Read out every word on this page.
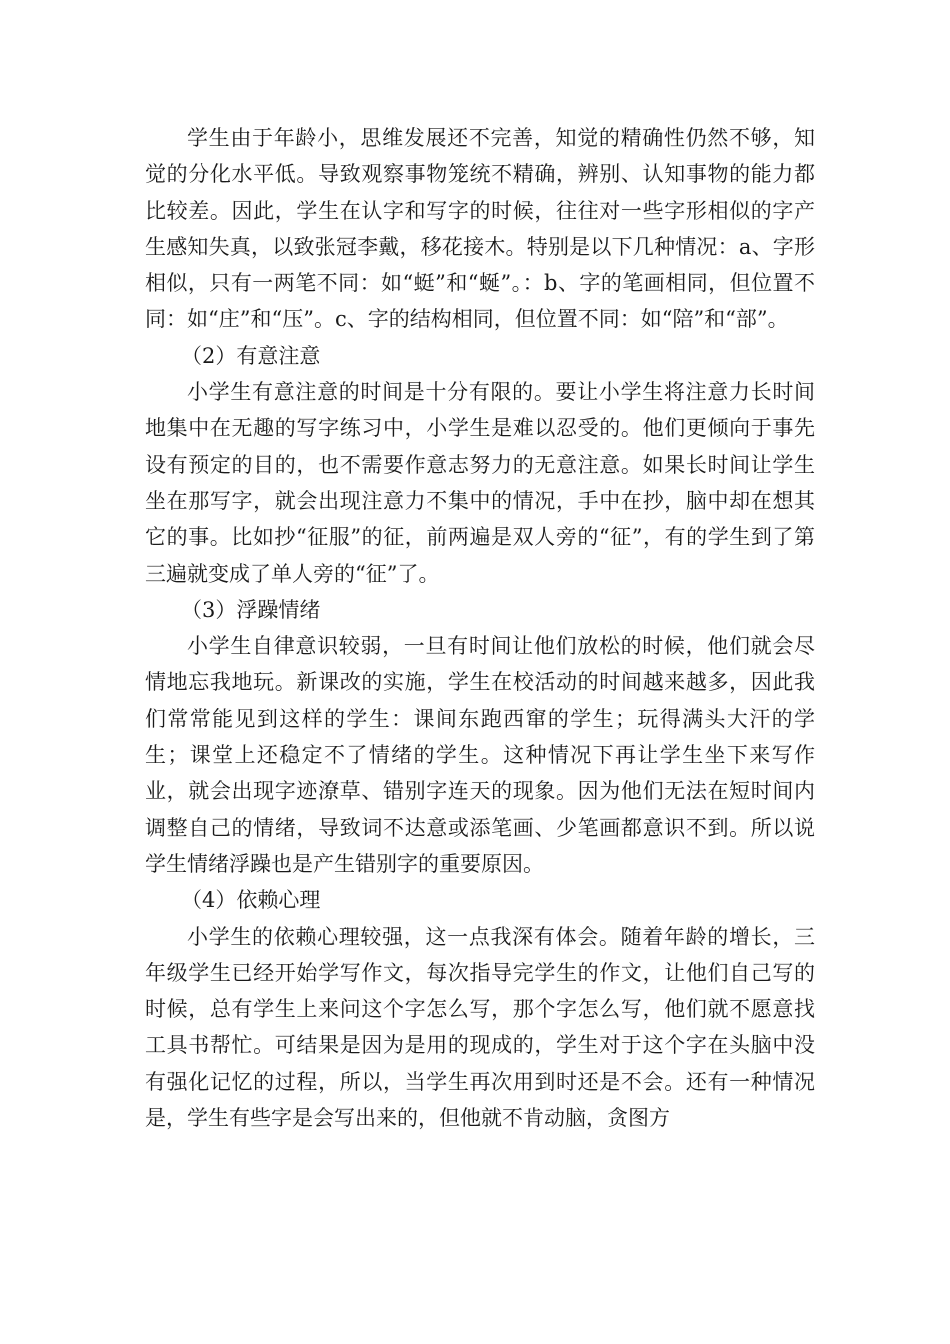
学生由于年龄小，思维发展还不完善，知觉的精确性仍然不够，知觉的分化水平低。导致观察事物笼统不精确，辨别、认知事物的能力都比较差。因此，学生在认字和写字的时候，往往对一些字形相似的字产生感知失真，以致张冠李戴，移花接木。特别是以下几种情况：a、字形相似，只有一两笔不同：如“蜓”和“蜒”。：b、字的笔画相同，但位置不同：如“庄”和“压”。c、字的结构相同，但位置不同：如“陪”和“部”。

（2）有意注意

小学生有意注意的时间是十分有限的。要让小学生将注意力长时间地集中在无趣的写字练习中，小学生是难以忍受的。他们更倾向于事先设有预定的目的，也不需要作意志努力的无意注意。如果长时间让学生坐在那写字，就会出现注意力不集中的情况，手中在抄，脑中却在想其它的事。比如抄“征服”的征，前两遍是双人旁的“征”，有的学生到了第三遍就变成了单人旁的“征”了。

（3）浮躁情绪

小学生自律意识较弱，一旦有时间让他们放松的时候，他们就会尽情地忘我地玩。新课改的实施，学生在校活动的时间越来越多，因此我们常常能见到这样的学生：课间东跑西窜的学生；玩得满头大汗的学生；课堂上还稳定不了情绪的学生。这种情况下再让学生坐下来写作业，就会出现字迹潦草、错别字连天的现象。因为他们无法在短时间内调整自己的情绪，导致词不达意或添笔画、少笔画都意识不到。所以说学生情绪浮躁也是产生错别字的重要原因。

（4）依赖心理

小学生的依赖心理较强，这一点我深有体会。随着年龄的增长，三年级学生已经开始学写作文，每次指导完学生的作文，让他们自己写的时候，总有学生上来问这个字怎么写，那个字怎么写，他们就不愿意找工具书帮忙。可结果是因为是用的现成的，学生对于这个字在头脑中没有强化记忆的过程，所以，当学生再次用到时还是不会。还有一种情况是，学生有些字是会写出来的，但他就不肯动脑，贪图方
